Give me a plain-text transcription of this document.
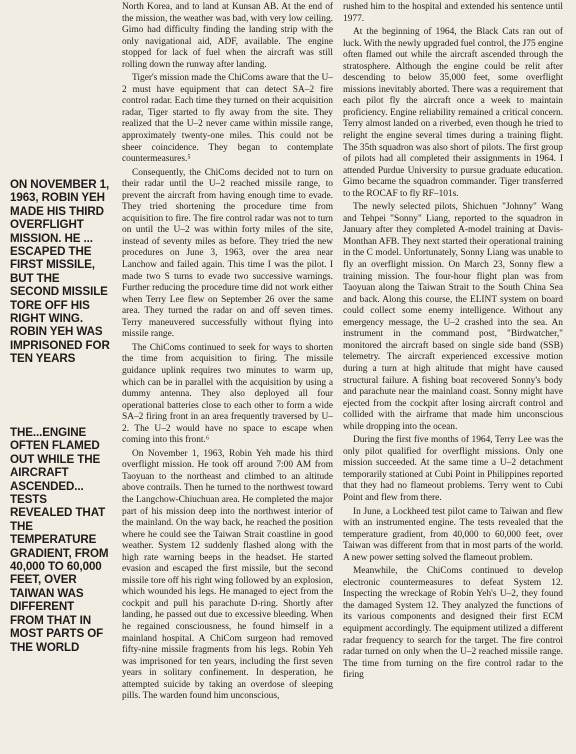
ON NOVEMBER 1, 1963, ROBIN YEH MADE HIS THIRD OVERFLIGHT MISSION. HE ... ESCAPED THE FIRST MISSILE, BUT THE SECOND MISSILE TORE OFF HIS RIGHT WING. ROBIN YEH WAS IMPRISONED FOR TEN YEARS
THE...ENGINE OFTEN FLAMED OUT WHILE THE AIRCRAFT ASCENDED... TESTS REVEALED THAT THE TEMPERATURE GRADIENT, FROM 40,000 TO 60,000 FEET, OVER TAIWAN WAS DIFFERENT FROM THAT IN MOST PARTS OF THE WORLD

North Korea, and to land at Kunsan AB. At the end of the mission, the weather was bad, with very low ceiling. Gimo had difficulty finding the landing strip with the only navigational aid, ADF, available. The engine stopped for lack of fuel when the aircraft was still rolling down the runway after landing.

Tiger's mission made the ChiComs aware that the U–2 must have equipment that can detect SA–2 fire control radar. Each time they turned on their acquisition radar, Tiger started to fly away from the site. They realized that the U–2 never came within missile range, approximately twenty-one miles. This could not be sheer coincidence. They began to contemplate countermeasures.⁵

Consequently, the ChiComs decided not to turn on their radar until the U–2 reached missile range, to prevent the aircraft from having enough time to evade. They tried shortening the procedure time from acquisition to fire. The fire control radar was not to turn on until the U–2 was within forty miles of the site, instead of seventy miles as before. They tried the new procedures on June 3, 1963, over the area near Lanchow and failed again. This time I was the pilot. I made two S turns to evade two successive warnings. Further reducing the procedure time did not work either when Terry Lee flew on September 26 over the same area. They turned the radar on and off seven times. Terry maneuvered successfully without flying into missile range.

The ChiComs continued to seek for ways to shorten the time from acquisition to firing. The missile guidance uplink requires two minutes to warm up, which can be in parallel with the acquisition by using a dummy antenna. They also deployed all four operational batteries close to each other to form a wide SA–2 firing front in an area frequently traversed by U–2. The U–2 would have no space to escape when coming into this front.⁶

On November 1, 1963, Robin Yeh made his third overflight mission. He took off around 7:00 AM from Taoyuan to the northeast and climbed to an altitude above contrails. Then he turned to the northwest toward the Langchow-Chiuchuan area. He completed the major part of his mission deep into the northwest interior of the mainland. On the way back, he reached the position where he could see the Taiwan Strait coastline in good weather. System 12 suddenly flashed along with the high rate warning beeps in the headset. He started evasion and escaped the first missile, but the second missile tore off his right wing followed by an explosion, which wounded his legs. He managed to eject from the cockpit and pull his parachute D-ring. Shortly after landing, he passed out due to excessive bleeding. When he regained consciousness, he found himself in a mainland hospital. A ChiCom surgeon had removed fifty-nine missile fragments from his legs. Robin Yeh was imprisoned for ten years, including the first seven years in solitary confinement. In desperation, he attempted suicide by taking an overdose of sleeping pills. The warden found him unconscious,

rushed him to the hospital and extended his sentence until 1977.

At the beginning of 1964, the Black Cats ran out of luck. With the newly upgraded fuel control, the J75 engine often flamed out while the aircraft ascended through the stratosphere. Although the engine could be relit after descending to below 35,000 feet, some overflight missions inevitably aborted. There was a requirement that each pilot fly the aircraft once a week to maintain proficiency. Engine reliability remained a critical concern. Terry almost landed on a riverbed, even though he tried to relight the engine several times during a training flight. The 35th squadron was also short of pilots. The first group of pilots had all completed their assignments in 1964. I attended Purdue University to pursue graduate education. Gimo became the squadron commander. Tiger transferred to the ROCAF to fly RF–101s.

The newly selected pilots, Shichuen "Johnny" Wang and Tehpei "Sonny" Liang, reported to the squadron in January after they completed A-model training at Davis-Monthan AFB. They next started their operational training in the C model. Unfortunately, Sonny Liang was unable to fly an overflight mission. On March 23, Sonny flew a training mission. The four-hour flight plan was from Taoyuan along the Taiwan Strait to the South China Sea and back. Along this course, the ELINT system on board could collect some enemy intelligence. Without any emergency message, the U–2 crashed into the sea. An instrument in the command post, "Birdwatcher," monitored the aircraft based on single side band (SSB) telemetry. The aircraft experienced excessive motion during a turn at high altitude that might have caused structural failure. A fishing boat recovered Sonny's body and parachute near the mainland coast. Sonny might have ejected from the cockpit after losing aircraft control and collided with the airframe that made him unconscious while dropping into the ocean.

During the first five months of 1964, Terry Lee was the only pilot qualified for overflight missions. Only one mission succeeded. At the same time a U–2 detachment temporarily stationed at Cubi Point in Philippines reported that they had no flameout problems. Terry went to Cubi Point and flew from there.

In June, a Lockheed test pilot came to Taiwan and flew with an instrumented engine. The tests revealed that the temperature gradient, from 40,000 to 60,000 feet, over Taiwan was different from that in most parts of the world. A new power setting solved the flameout problem.

Meanwhile, the ChiComs continued to develop electronic countermeasures to defeat System 12. Inspecting the wreckage of Robin Yeh's U–2, they found the damaged System 12. They analyzed the functions of its various components and designed their first ECM equipment accordingly. The equipment utilized a different radar frequency to search for the target. The fire control radar turned on only when the U–2 reached missile range. The time from turning on the fire control radar to the firing
